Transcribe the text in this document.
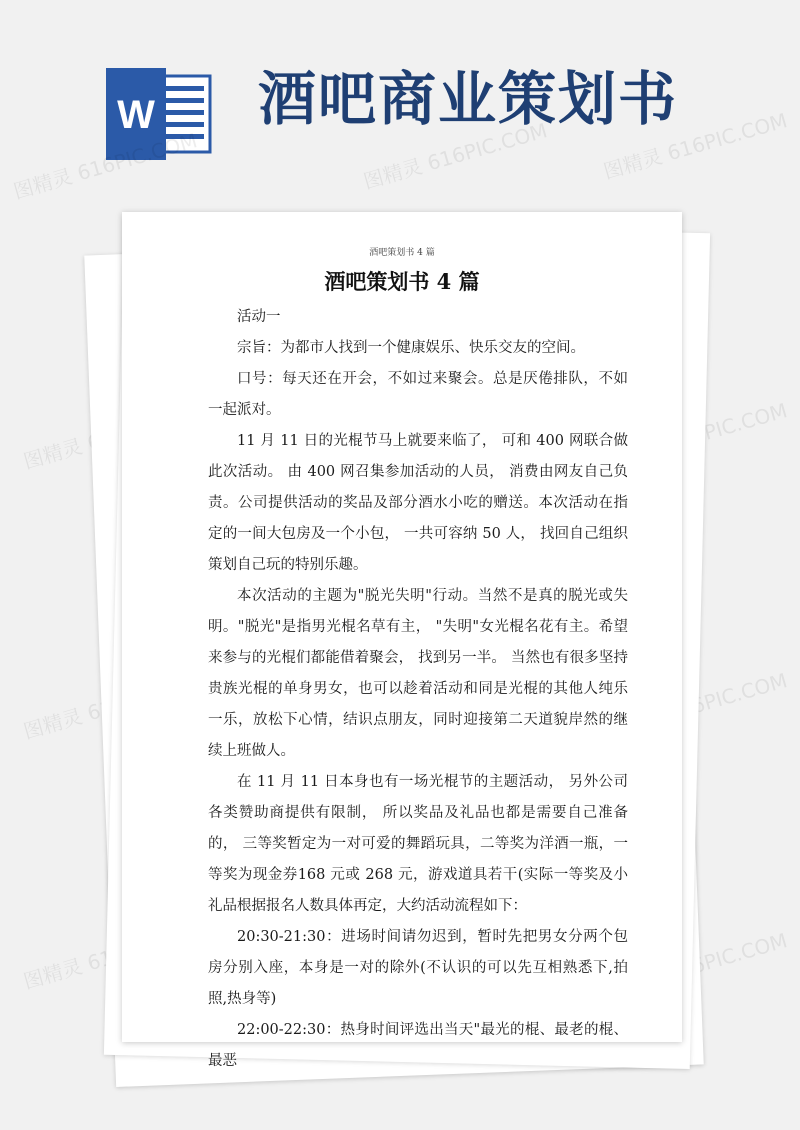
W 酒吧商业策划书
图精灵 616PIC.COM	图精灵 616PIC.COM	图精灵 616PIC.COM
图精灵	616PIC.COM
图精灵	616PIC.COM
图精灵	616PIC.COM
酒吧策划书 4 篇
酒吧策划书 4 篇

活动一

宗旨：为都市人找到一个健康娱乐、快乐交友的空间。

口号：每天还在开会，不如过来聚会。总是厌倦排队，不如一起派对。

11 月 11 日的光棍节马上就要来临了， 可和 400 网联合做此次活动。 由 400 网召集参加活动的人员， 消费由网友自己负责。公司提供活动的奖品及部分酒水小吃的赠送。本次活动在指定的一间大包房及一个小包， 一共可容纳 50 人， 找回自己组织策划自己玩的特别乐趣。

本次活动的主题为"脱光失明"行动。当然不是真的脱光或失明。"脱光"是指男光棍名草有主， "失明"女光棍名花有主。希望来参与的光棍们都能借着聚会， 找到另一半。 当然也有很多坚持贵族光棍的单身男女，也可以趁着活动和同是光棍的其他人纯乐一乐，放松下心情，结识点朋友，同时迎接第二天道貌岸然的继续上班做人。

在 11 月 11 日本身也有一场光棍节的主题活动， 另外公司各类赞助商提供有限制， 所以奖品及礼品也都是需要自己准备的， 三等奖暂定为一对可爱的舞蹈玩具，二等奖为洋酒一瓶，一等奖为现金券168 元或 268 元，游戏道具若干(实际一等奖及小礼品根据报名人数具体再定，大约活动流程如下：

20:30-21:30：进场时间请勿迟到，暂时先把男女分两个包房分别入座，本身是一对的除外(不认识的可以先互相熟悉下,拍照,热身等)

22:00-22:30：热身时间评选出当天"最光的棍、最老的棍、最恶
